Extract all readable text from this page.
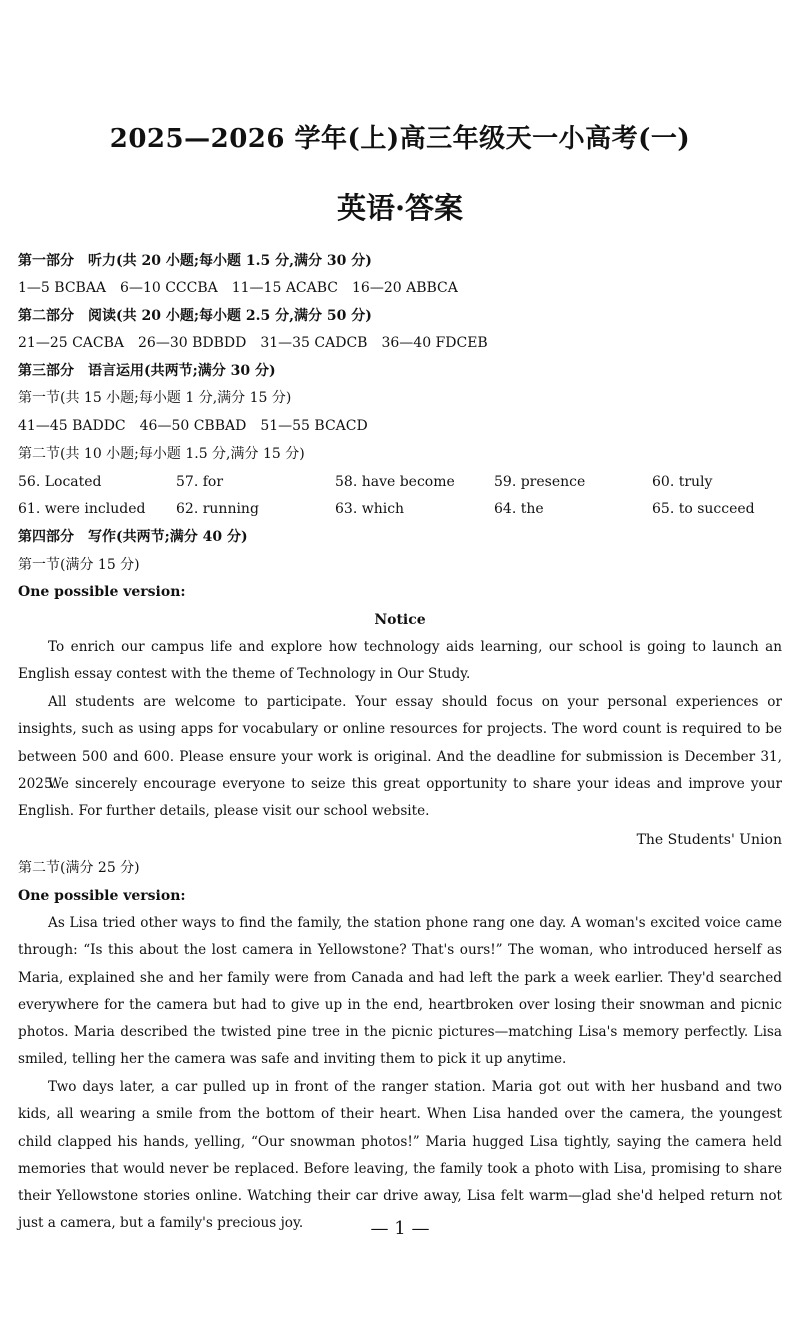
2025—2026 学年(上)高三年级天一小高考(一)
英语·答案
第一部分　听力(共 20 小题;每小题 1.5 分,满分 30 分)
1—5 BCBAA　6—10 CCCBA　11—15 ACABC　16—20 ABBCA
第二部分　阅读(共 20 小题;每小题 2.5 分,满分 50 分)
21—25 CACBA　26—30 BDBDD　31—35 CADCB　36—40 FDCEB
第三部分　语言运用(共两节;满分 30 分)
第一节(共 15 小题;每小题 1 分,满分 15 分)
41—45 BADDC　46—50 CBBAD　51—55 BCACD
第二节(共 10 小题;每小题 1.5 分,满分 15 分)
56. Located	57. for	58. have become	59. presence	60. truly
61. were included 62. running	63. which	64. the	65. to succeed
第四部分　写作(共两节;满分 40 分)
第一节(满分 15 分)
One possible version:
Notice

To enrich our campus life and explore how technology aids learning, our school is going to launch an English essay contest with the theme of Technology in Our Study.

All students are welcome to participate. Your essay should focus on your personal experiences or insights, such as using apps for vocabulary or online resources for projects. The word count is required to be between 500 and 600. Please ensure your work is original. And the deadline for submission is December 31, 2025.

We sincerely encourage everyone to seize this great opportunity to share your ideas and improve your English. For further details, please visit our school website.

The Students' Union
第二节(满分 25 分)
One possible version:

As Lisa tried other ways to find the family, the station phone rang one day. A woman's excited voice came through: “Is this about the lost camera in Yellowstone? That's ours!” The woman, who introduced herself as Maria, explained she and her family were from Canada and had left the park a week earlier. They'd searched everywhere for the camera but had to give up in the end, heartbroken over losing their snowman and picnic photos. Maria described the twisted pine tree in the picnic pictures—matching Lisa's memory perfectly. Lisa smiled, telling her the camera was safe and inviting them to pick it up anytime.

Two days later, a car pulled up in front of the ranger station. Maria got out with her husband and two kids, all wearing a smile from the bottom of their heart. When Lisa handed over the camera, the youngest child clapped his hands, yelling, “Our snowman photos!” Maria hugged Lisa tightly, saying the camera held memories that would never be replaced. Before leaving, the family took a photo with Lisa, promising to share their Yellowstone stories online. Watching their car drive away, Lisa felt warm—glad she'd helped return not just a camera, but a family's precious joy.	— 1 —
